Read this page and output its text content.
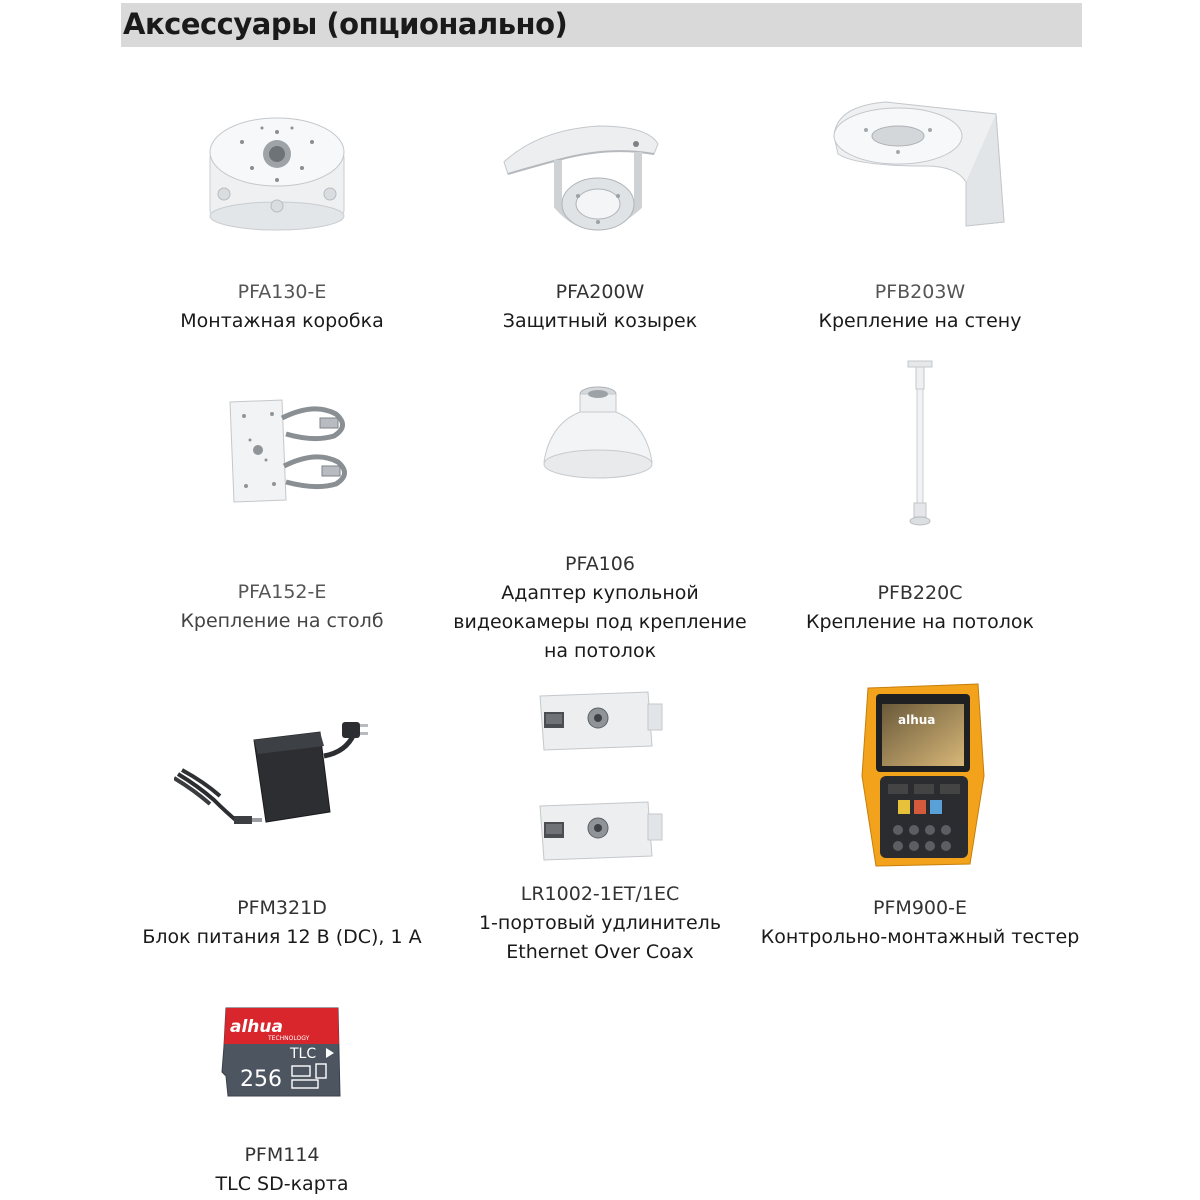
Аксессуары (опционально)
PFA130-E
Монтажная коробка
PFA200W
Защитный козырек
PFB203W
Крепление на стену
PFA152-E
Крепление на столб
PFA106
Адаптер купольной
видеокамеры под крепление
на потолок
PFB220C
Крепление на потолок
PFM321D
Блок питания 12 В (DC), 1 А
LR1002-1ET/1EC
1-портовый удлинитель
Ethernet Over Coax
alhua
PFM900-E
Контрольно-монтажный тестер
alhua
TECHNOLOGY
TLC
256
PFM114
TLC SD-карта
